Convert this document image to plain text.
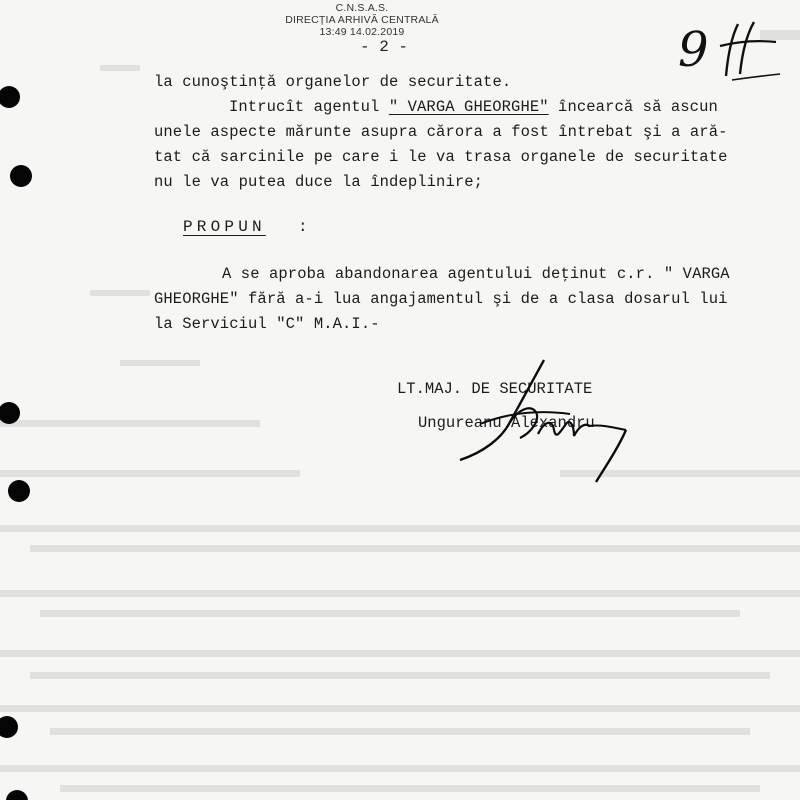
C.N.S.A.S.
DIRECȚIA ARHIVĂ CENTRALĂ
13:49 14.02.2019
- 2 -	9
la cunoştinţă organelor de securitate.
Intrucît agentul " VARGA GHEORGHE" încearcă să ascun
unele aspecte mărunte asupra cărora a fost întrebat şi a ară-
tat că sarcinile pe care i le va trasa organele de securitate
nu le va putea duce la îndeplinire;
PROPUN :
A se aproba abandonarea agentului deţinut c.r. " VARGA
GHEORGHE" fără a-i lua angajamentul şi de a clasa dosarul lui
la Serviciul "C" M.A.I.-
LT.MAJ. DE SECURITATE
Ungureanu Alexandru
